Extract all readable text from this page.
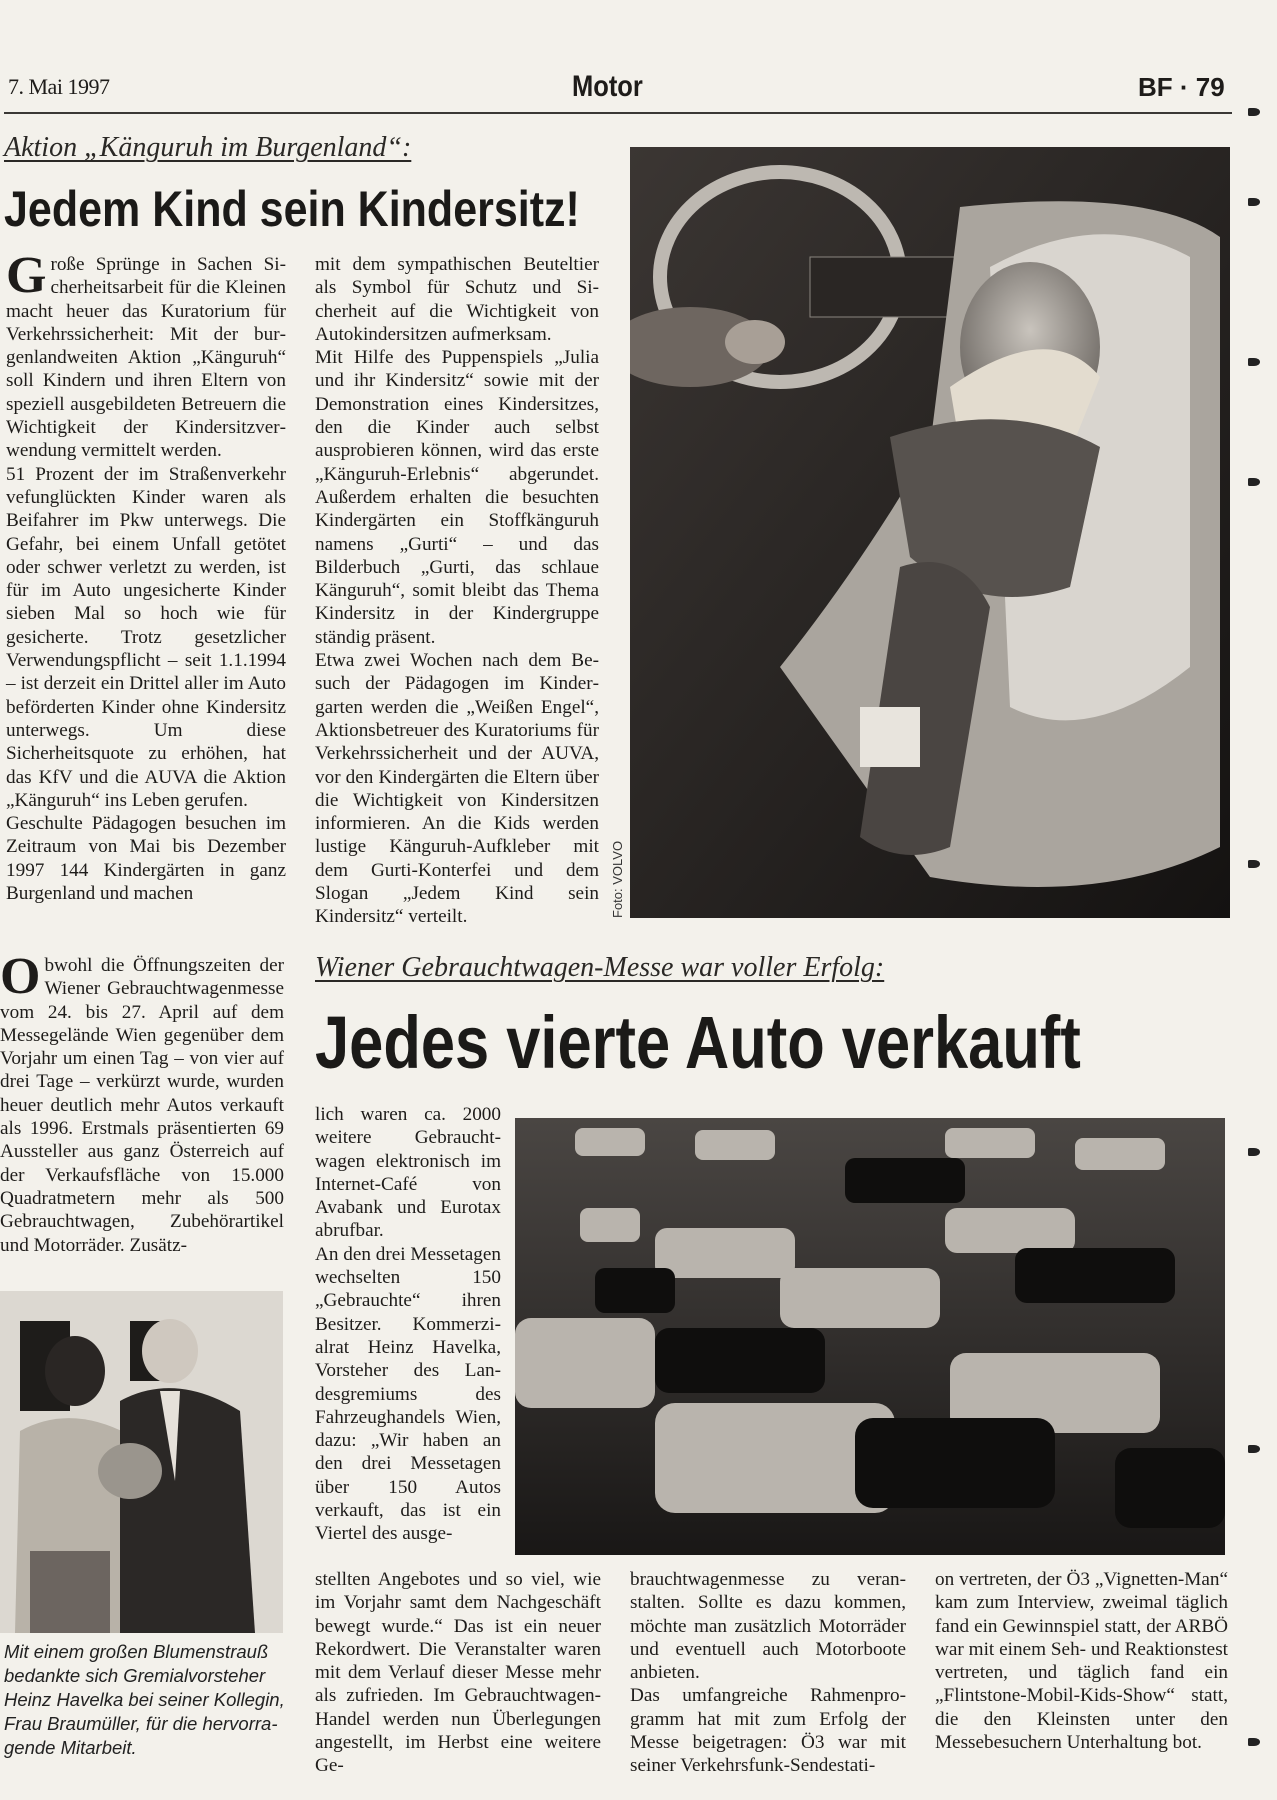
7. Mai 1997	Motor	BF · 79
Aktion „Känguruh im Burgenland“:
Jedem Kind sein Kindersitz!

Große Sprünge in Sachen Sicherheitsarbeit für die Kleinen macht heuer das Kuratorium für Verkehrssicherheit: Mit der burgenlandweiten Aktion „Känguruh“ soll Kindern und ihren Eltern von speziell ausgebildeten Betreuern die Wichtigkeit der Kindersitzverwendung vermittelt werden.

51 Prozent der im Straßenverkehr vefunglückten Kinder waren als Beifahrer im Pkw unterwegs. Die Gefahr, bei einem Unfall getötet oder schwer verletzt zu werden, ist für im Auto ungesicherte Kinder sieben Mal so hoch wie für gesicherte. Trotz gesetzlicher Verwendungspflicht – seit 1.1.1994 – ist derzeit ein Drittel aller im Auto beförderten Kinder ohne Kindersitz unterwegs. Um diese Sicherheitsquote zu erhöhen, hat das KfV und die AUVA die Aktion „Känguruh“ ins Leben gerufen.

Geschulte Pädagogen besuchen im Zeitraum von Mai bis Dezember 1997 144 Kindergärten in ganz Burgenland und machen

mit dem sympathischen Beuteltier als Symbol für Schutz und Sicherheit auf die Wichtigkeit von Autokindersitzen aufmerksam.

Mit Hilfe des Puppenspiels „Julia und ihr Kindersitz“ sowie mit der Demonstration eines Kindersitzes, den die Kinder auch selbst ausprobieren können, wird das erste „Känguruh-Erlebnis“ abgerundet. Außerdem erhalten die besuchten Kindergärten ein Stoffkänguruh namens „Gurti“ – und das Bilderbuch „Gurti, das schlaue Känguruh“, somit bleibt das Thema Kindersitz in der Kindergruppe ständig präsent.

Etwa zwei Wochen nach dem Besuch der Pädagogen im Kindergarten werden die „Weißen Engel“, Aktionsbetreuer des Kuratoriums für Verkehrssicherheit und der AUVA, vor den Kindergärten die Eltern über die Wichtigkeit von Kindersitzen informieren. An die Kids werden lustige Känguruh-Aufkleber mit dem Gurti-Konterfei und dem Slogan „Jedem Kind sein Kindersitz“ verteilt.	Foto: VOLVO
Wiener Gebrauchtwagen-Messe war voller Erfolg:
Jedes vierte Auto verkauft

Obwohl die Öffnungszeiten der Wiener Gebrauchtwagenmesse vom 24. bis 27. April auf dem Messegelände Wien gegenüber dem Vorjahr um einen Tag – von vier auf drei Tage – verkürzt wurde, wurden heuer deutlich mehr Autos verkauft als 1996. Erstmals präsentierten 69 Aussteller aus ganz Österreich auf der Verkaufsfläche von 15.000 Quadratmetern mehr als 500 Gebrauchtwagen, Zubehörartikel und Motorräder. Zusätz-

Mit einem großen Blumenstrauß bedankte sich Gremialvorsteher Heinz Havelka bei seiner Kollegin, Frau Braumüller, für die hervorragende Mitarbeit.

lich waren ca. 2000 weitere Gebrauchtwagen elektronisch im Internet-Café von Avabank und Eurotax abrufbar.

An den drei Messetagen wechselten 150 „Gebrauchte“ ihren Besitzer. Kommerzialrat Heinz Havelka, Vorsteher des Landesgremiums des Fahrzeughandels Wien, dazu: „Wir haben an den drei Messetagen über 150 Autos verkauft, das ist ein Viertel des ausge-

stellten Angebotes und so viel, wie im Vorjahr samt dem Nachgeschäft bewegt wurde.“ Das ist ein neuer Rekordwert. Die Veranstalter waren mit dem Verlauf dieser Messe mehr als zufrieden. Im Gebrauchtwagen-Handel werden nun Überlegungen angestellt, im Herbst eine weitere Ge-

brauchtwagenmesse zu veranstalten. Sollte es dazu kommen, möchte man zusätzlich Motorräder und eventuell auch Motorboote anbieten.

Das umfangreiche Rahmenprogramm hat mit zum Erfolg der Messe beigetragen: Ö3 war mit seiner Verkehrsfunk-Sendestati-

on vertreten, der Ö3 „Vignetten-Man“ kam zum Interview, zweimal täglich fand ein Gewinnspiel statt, der ARBÖ war mit einem Seh- und Reaktionstest vertreten, und täglich fand ein „Flintstone-Mobil-Kids-Show“ statt, die den Kleinsten unter den Messebesuchern Unterhaltung bot.
